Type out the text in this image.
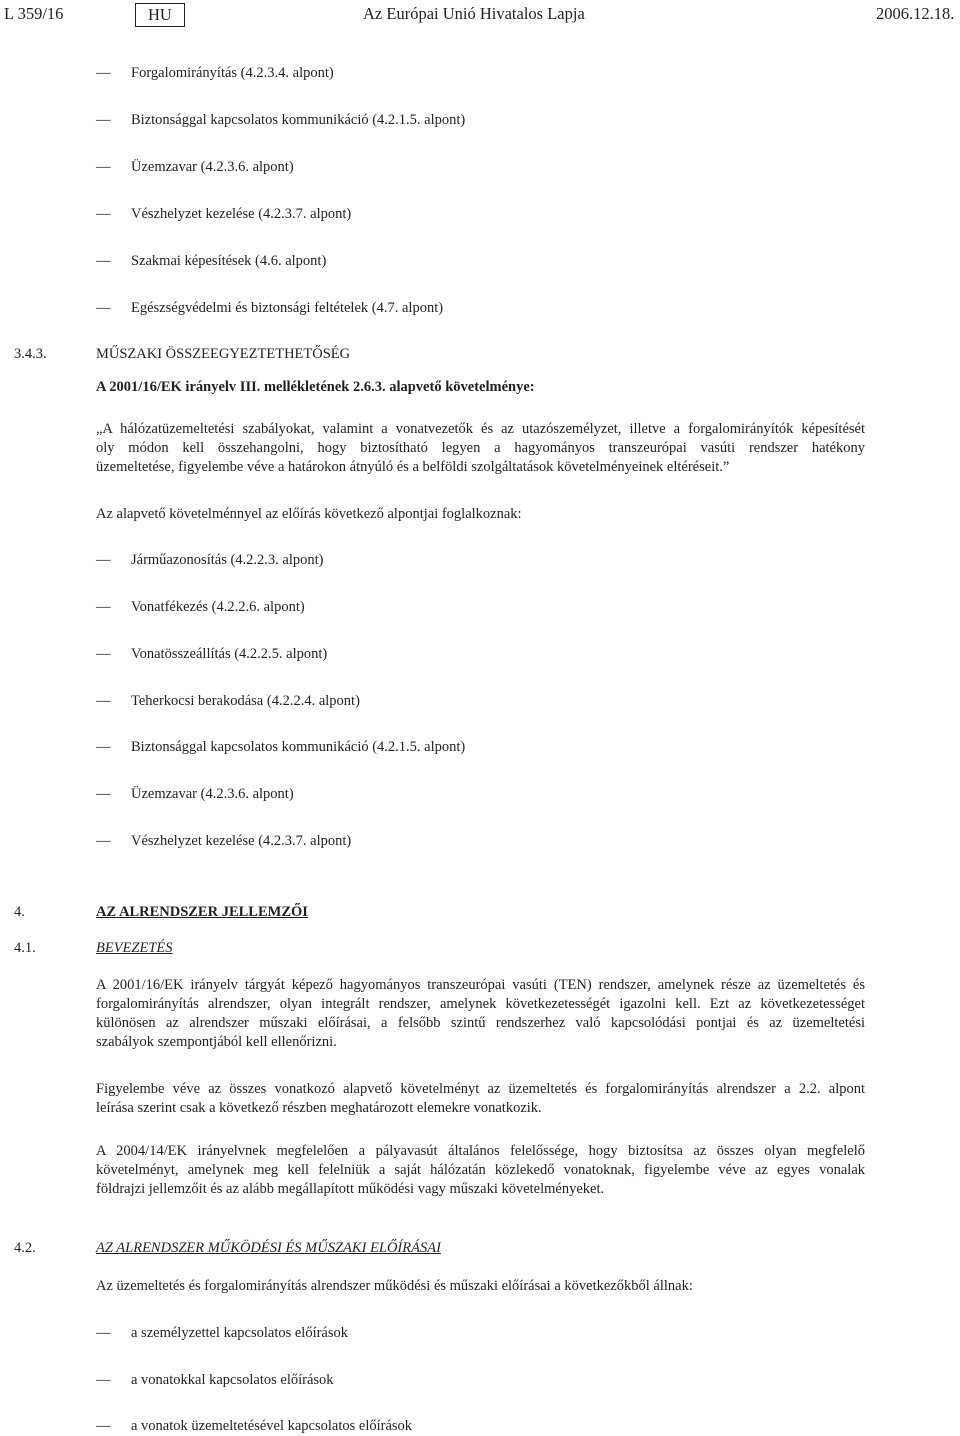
L 359/16	HU	Az Európai Unió Hivatalos Lapja	2006.12.18.
— Forgalomirányítás (4.2.3.4. alpont)
— Biztonsággal kapcsolatos kommunikáció (4.2.1.5. alpont)
— Üzemzavar (4.2.3.6. alpont)
— Vészhelyzet kezelése (4.2.3.7. alpont)
— Szakmai képesítések (4.6. alpont)
— Egészségvédelmi és biztonsági feltételek (4.7. alpont)
3.4.3.	MŰSZAKI ÖSSZEEGYEZTETHETŐSÉG
A 2001/16/EK irányelv III. mellékletének 2.6.3. alapvető követelménye:
„A hálózatüzemeltetési szabályokat, valamint a vonatvezetők és az utazószemélyzet, illetve a forgalomirányítók képesítését
oly módon kell összehangolni, hogy biztosítható legyen a hagyományos transzeurópai vasúti rendszer hatékony
üzemeltetése, figyelembe véve a határokon átnyúló és a belföldi szolgáltatások követelményeinek eltéréseit.”
Az alapvető követelménnyel az előírás következő alpontjai foglalkoznak:
— Járműazonosítás (4.2.2.3. alpont)
— Vonatfékezés (4.2.2.6. alpont)
— Vonatösszeállítás (4.2.2.5. alpont)
— Teherkocsi berakodása (4.2.2.4. alpont)
— Biztonsággal kapcsolatos kommunikáció (4.2.1.5. alpont)
— Üzemzavar (4.2.3.6. alpont)
— Vészhelyzet kezelése (4.2.3.7. alpont)
4.	AZ ALRENDSZER JELLEMZŐI
4.1.	BEVEZETÉS
A 2001/16/EK irányelv tárgyát képező hagyományos transzeurópai vasúti (TEN) rendszer, amelynek része az üzemeltetés és
forgalomirányítás alrendszer, olyan integrált rendszer, amelynek következetességét igazolni kell. Ezt az következetességet
különösen az alrendszer műszaki előírásai, a felsőbb szintű rendszerhez való kapcsolódási pontjai és az üzemeltetési
szabályok szempontjából kell ellenőrizni.
Figyelembe véve az összes vonatkozó alapvető követelményt az üzemeltetés és forgalomirányítás alrendszer a 2.2. alpont
leírása szerint csak a következő részben meghatározott elemekre vonatkozik.
A 2004/14/EK irányelvnek megfelelően a pályavasút általános felelőssége, hogy biztosítsa az összes olyan megfelelő
követelményt, amelynek meg kell felelniük a saját hálózatán közlekedő vonatoknak, figyelembe véve az egyes vonalak
földrajzi jellemzőit és az alább megállapított működési vagy műszaki követelményeket.
4.2.	AZ ALRENDSZER MŰKÖDÉSI ÉS MŰSZAKI ELŐÍRÁSAI
Az üzemeltetés és forgalomirányítás alrendszer működési és műszaki előírásai a következőkből állnak:
— a személyzettel kapcsolatos előírások
— a vonatokkal kapcsolatos előírások
— a vonatok üzemeltetésével kapcsolatos előírások
